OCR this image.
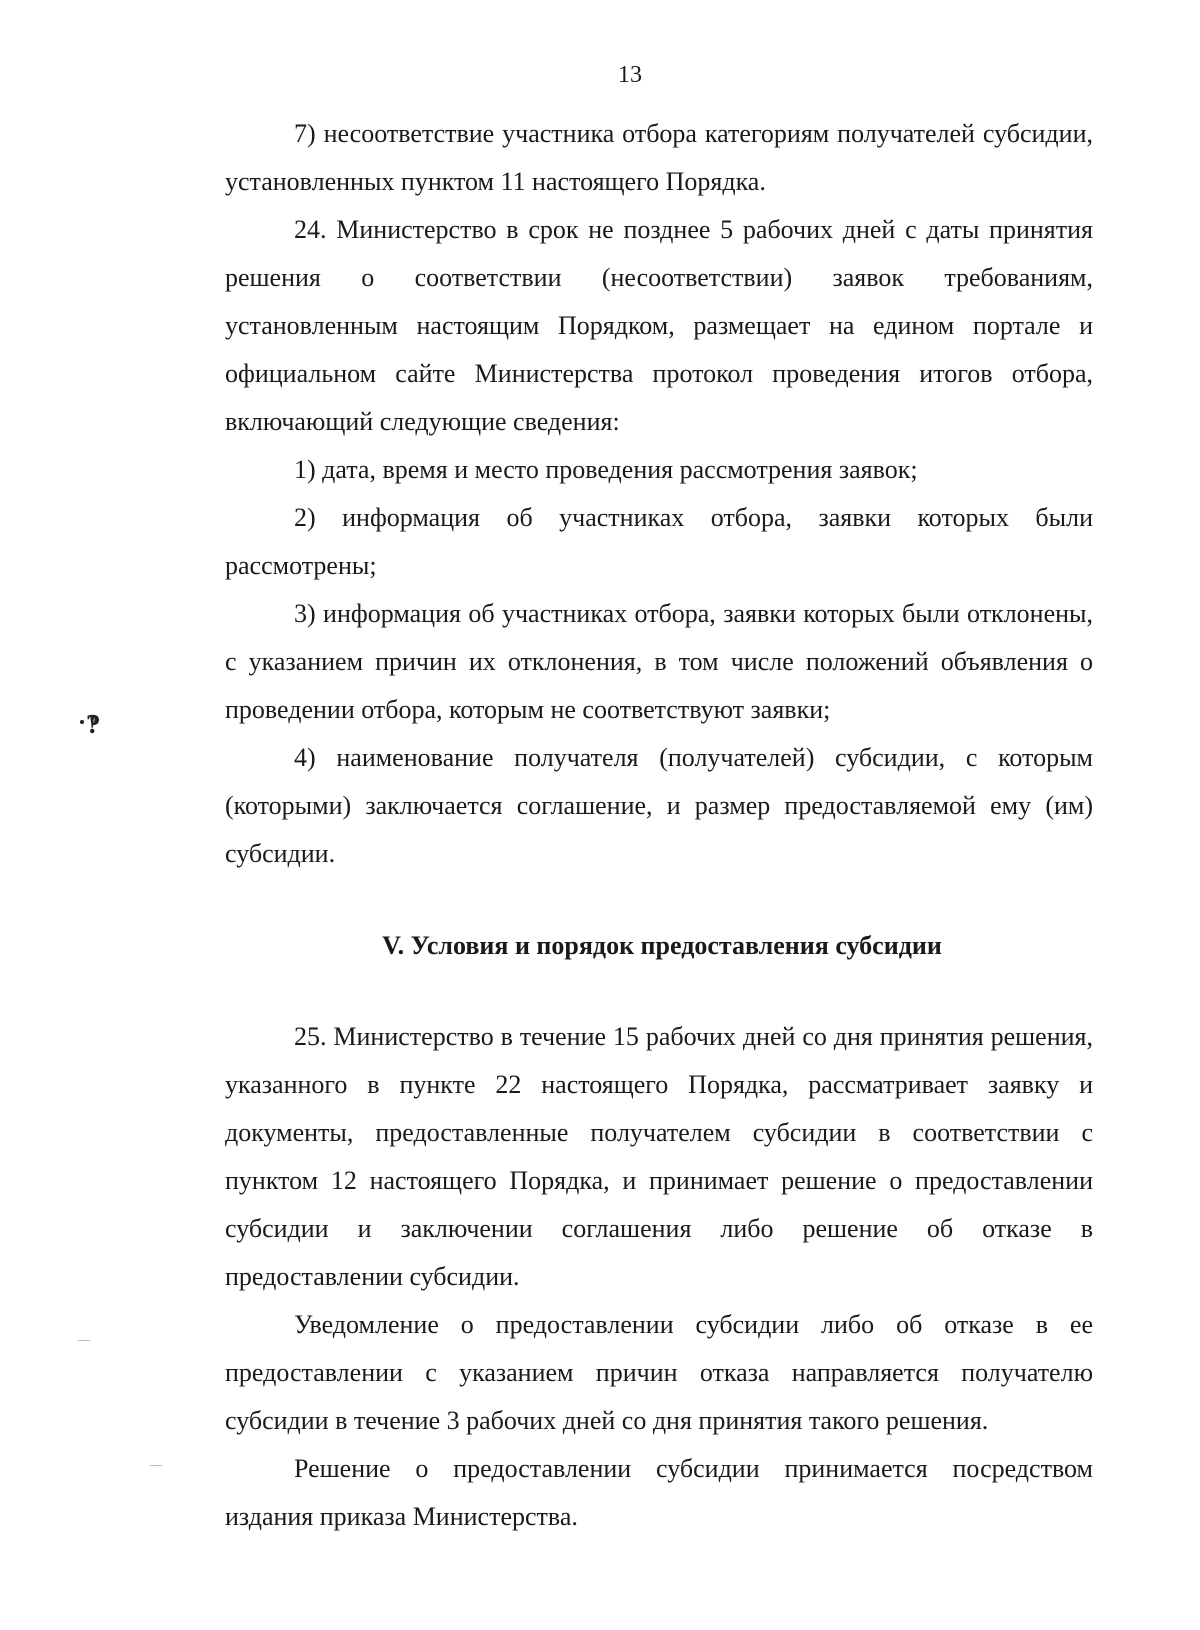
13
‽

7) несоответствие участника отбора категориям получателей субсидии, установленных пунктом 11 настоящего Порядка.

24. Министерство в срок не позднее 5 рабочих дней с даты принятия решения о соответствии (несоответствии) заявок требованиям, установленным настоящим Порядком, размещает на едином портале и официальном сайте Министерства протокол проведения итогов отбора, включающий следующие сведения:

1) дата, время и место проведения рассмотрения заявок;

2) информация об участниках отбора, заявки которых были рассмотрены;

3) информация об участниках отбора, заявки которых были отклонены, с указанием причин их отклонения, в том числе положений объявления о проведении отбора, которым не соответствуют заявки;

4) наименование получателя (получателей) субсидии, с которым (которыми) заключается соглашение, и размер предоставляемой ему (им) субсидии.

V. Условия и порядок предоставления субсидии

25. Министерство в течение 15 рабочих дней со дня принятия решения, указанного в пункте 22 настоящего Порядка, рассматривает заявку и документы, предоставленные получателем субсидии в соответствии с пунктом 12 настоящего Порядка, и принимает решение о предоставлении субсидии и заключении соглашения либо решение об отказе в предоставлении субсидии.

Уведомление о предоставлении субсидии либо об отказе в ее предоставлении с указанием причин отказа направляется получателю субсидии в течение 3 рабочих дней со дня принятия такого решения.

Решение о предоставлении субсидии принимается посредством издания приказа Министерства.
